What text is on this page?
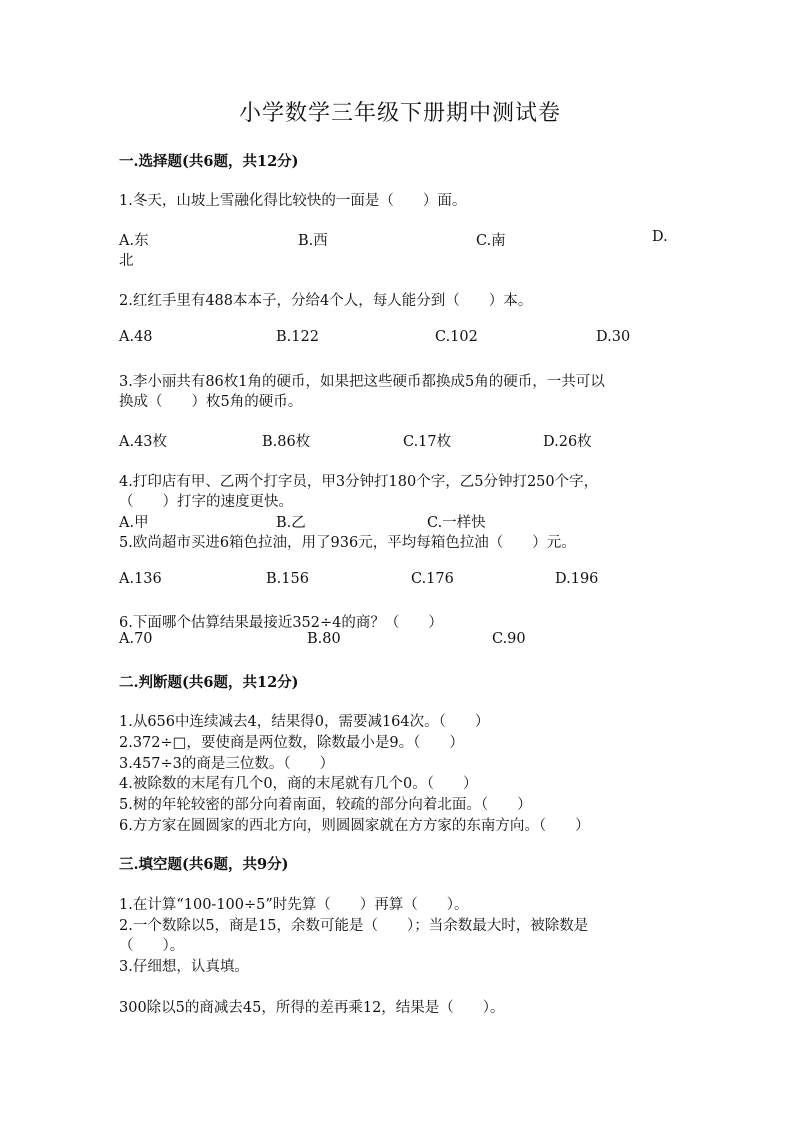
小学数学三年级下册期中测试卷
一.选择题(共6题，共12分)
1.冬天，山坡上雪融化得比较快的一面是（　　）面。
A.东	B.西	C.南	D.
北
2.红红手里有488本本子，分给4个人，每人能分到（　　）本。
A.48	B.122	C.102	D.30
3.李小丽共有86枚1角的硬币，如果把这些硬币都换成5角的硬币，一共可以
换成（　　）枚5角的硬币。
A.43枚	B.86枚	C.17枚	D.26枚
4.打印店有甲、乙两个打字员，甲3分钟打180个字，乙5分钟打250个字，
（　　）打字的速度更快。
A.甲	B.乙	C.一样快
5.欧尚超市买进6箱色拉油，用了936元，平均每箱色拉油（　　）元。
A.136	B.156	C.176	D.196
6.下面哪个估算结果最接近352÷4的商？（　　）
A.70	B.80	C.90
二.判断题(共6题，共12分)
1.从656中连续减去4，结果得0，需要减164次。（　　）
2.372÷□，要使商是两位数，除数最小是9。（　　）
3.457÷3的商是三位数。（　　）
4.被除数的末尾有几个0，商的末尾就有几个0。（　　）
5.树的年轮较密的部分向着南面，较疏的部分向着北面。（　　）
6.方方家在圆圆家的西北方向，则圆圆家就在方方家的东南方向。（　　）
三.填空题(共6题，共9分)
1.在计算“100-100÷5”时先算（　　）再算（　　）。
2.一个数除以5，商是15，余数可能是（　　）；当余数最大时，被除数是
（　　）。
3.仔细想，认真填。
300除以5的商减去45，所得的差再乘12，结果是（　　）。
